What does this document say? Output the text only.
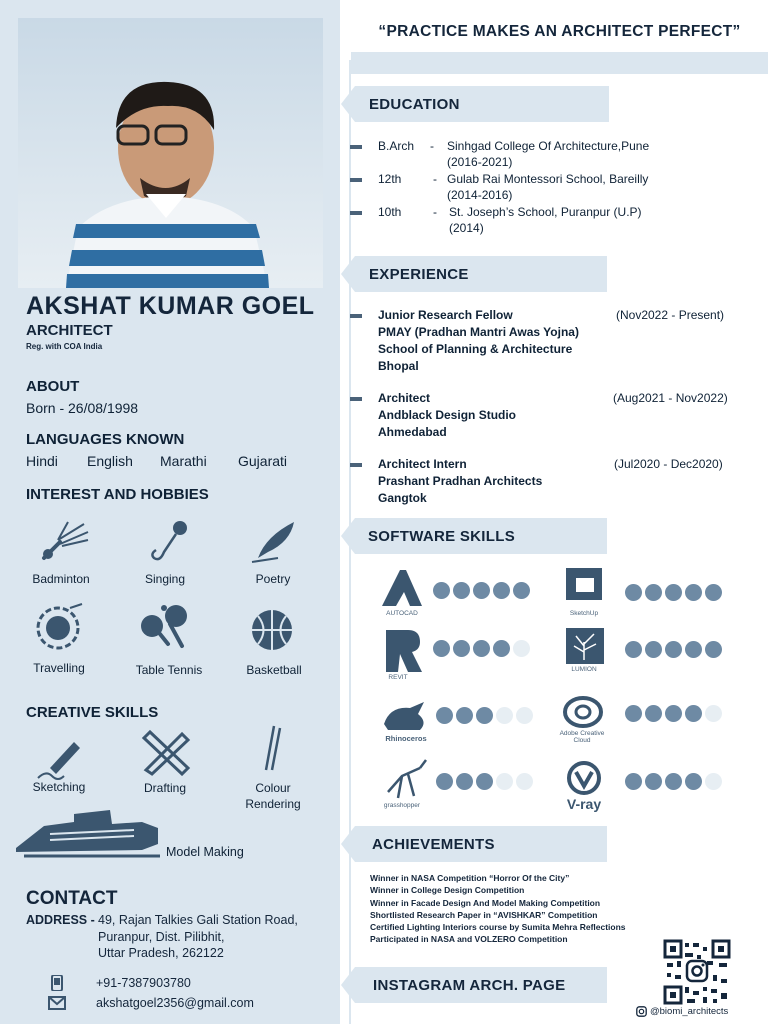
AKSHAT KUMAR GOEL
ARCHITECT
Reg. with COA India
ABOUT
Born - 26/08/1998
LANGUAGES KNOWN
Hindi English Marathi Gujarati
INTEREST AND HOBBIES
Badminton	Singing	Poetry
Travelling	Table Tennis	Basketball
CREATIVE SKILLS
Sketching	Drafting	Colour
Rendering
Model Making
CONTACT
ADDRESS - 49, Rajan Talkies Gali Station Road,
Puranpur, Dist. Pilibhit,
Uttar Pradesh, 262122
+91-7387903780
akshatgoel2356@gmail.com
“PRACTICE MAKES AN ARCHITECT PERFECT”
EDUCATION
B.Arch - Sinhgad College Of Architecture,Pune
(2016-2021)
12th	- Gulab Rai Montessori School, Bareilly
(2014-2016)
10th	- St. Joseph’s School, Puranpur (U.P)
(2014)
EXPERIENCE
Junior Research Fellow
PMAY (Pradhan Mantri Awas Yojna)
School of Planning & Architecture
Bhopal
(Nov2022 - Present)
Architect
Andblack Design Studio
Ahmedabad
(Aug2021 - Nov2022)
Architect Intern
Prashant Pradhan Architects
Gangtok
(Jul2020 - Dec2020)
SOFTWARE SKILLS
AUTOCAD	SketchUp
REVIT
LUMION
Rhinoceros
Adobe Creative Cloud
grasshopper	V-ray
ACHIEVEMENTS
Winner in NASA Competition “Horror Of the City”
Winner in College Design Competition
Winner in Facade Design And Model Making Competition
Shortlisted Research Paper in “AVISHKAR” Competition
Certified Lighting Interiors course by Sumita Mehra Reflections
Participated in NASA and VOLZERO Competition
INSTAGRAM ARCH. PAGE
@biomi_architects
